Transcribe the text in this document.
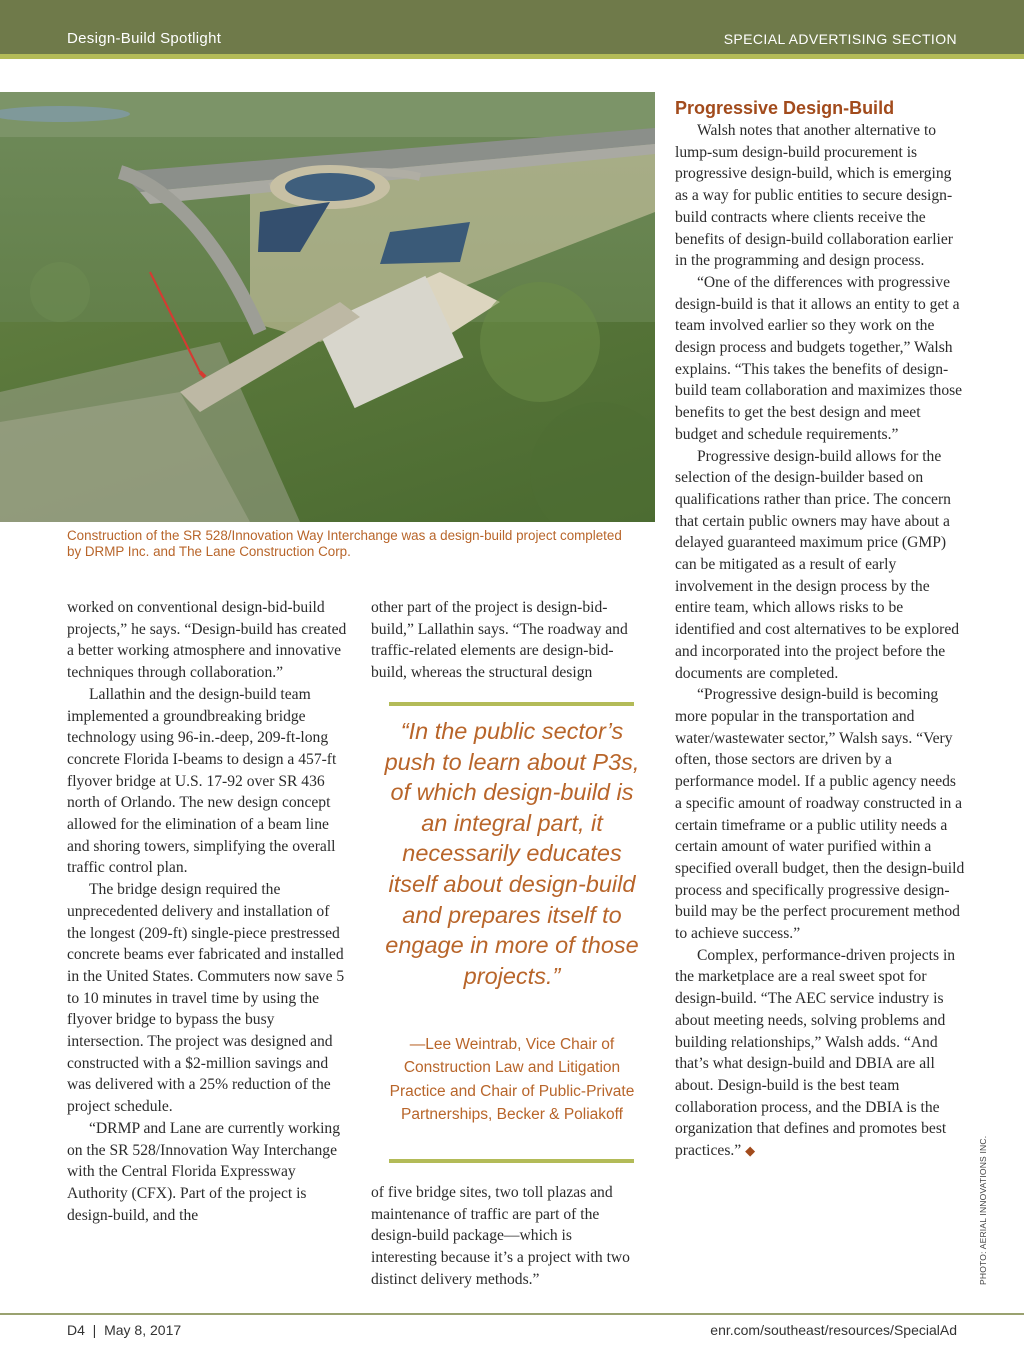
Design-Build Spotlight	SPECIAL ADVERTISING SECTION
Construction of the SR 528/Innovation Way Interchange was a design-build project completed by DRMP Inc. and The Lane Construction Corp.
PHOTO: AERIAL INNOVATIONS INC.

worked on conventional design-bid-build projects,” he says. “Design-build has created a better working atmosphere and innovative techniques through collaboration.”

Lallathin and the design-build team implemented a groundbreaking bridge technology using 96-in.-deep, 209-ft-long concrete Florida I-beams to design a 457-ft flyover bridge at U.S. 17-92 over SR 436 north of Orlando. The new design concept allowed for the elimination of a beam line and shoring towers, simplifying the overall traffic control plan.

The bridge design required the unprecedented delivery and installation of the longest (209-ft) single-piece prestressed concrete beams ever fabricated and installed in the United States. Commuters now save 5 to 10 minutes in travel time by using the flyover bridge to bypass the busy intersection. The project was designed and constructed with a $2-million savings and was delivered with a 25% reduction of the project schedule.

“DRMP and Lane are currently working on the SR 528/Innovation Way Interchange with the Central Florida Expressway Authority (CFX). Part of the project is design-build, and the

other part of the project is design-bid-build,” Lallathin says. “The roadway and traffic-related elements are design-bid-build, whereas the structural design

“In the public sector’s push to learn about P3s, of which design-build is an integral part, it necessarily educates itself about design-build and prepares itself to engage in more of those projects.”
—Lee Weintrab, Vice Chair of Construction Law and Litigation Practice and Chair of Public-Private Partnerships, Becker & Poliakoff

of five bridge sites, two toll plazas and maintenance of traffic are part of the design-build package—which is interesting because it’s a project with two distinct delivery methods.”

Progressive Design-Build

Walsh notes that another alternative to lump-sum design-build procurement is progressive design-build, which is emerging as a way for public entities to secure design-build contracts where clients receive the benefits of design-build collaboration earlier in the programming and design process.

“One of the differences with progressive design-build is that it allows an entity to get a team involved earlier so they work on the design process and budgets together,” Walsh explains. “This takes the benefits of design-build team collaboration and maximizes those benefits to get the best design and meet budget and schedule requirements.”

Progressive design-build allows for the selection of the design-builder based on qualifications rather than price. The concern that certain public owners may have about a delayed guaranteed maximum price (GMP) can be mitigated as a result of early involvement in the design process by the entire team, which allows risks to be identified and cost alternatives to be explored and incorporated into the project before the documents are completed.

“Progressive design-build is becoming more popular in the transportation and water/wastewater sector,” Walsh says. “Very often, those sectors are driven by a performance model. If a public agency needs a specific amount of roadway constructed in a certain timeframe or a public utility needs a certain amount of water purified within a specified overall budget, then the design-build process and specifically progressive design-build may be the perfect procurement method to achieve success.”

Complex, performance-driven projects in the marketplace are a real sweet spot for design-build. “The AEC service industry is about meeting needs, solving problems and building relationships,” Walsh adds. “And that’s what design-build and DBIA are all about. Design-build is the best team collaboration process, and the DBIA is the organization that defines and promotes best practices.” ◆

D4  |  May 8, 2017	enr.com/southeast/resources/SpecialAd
